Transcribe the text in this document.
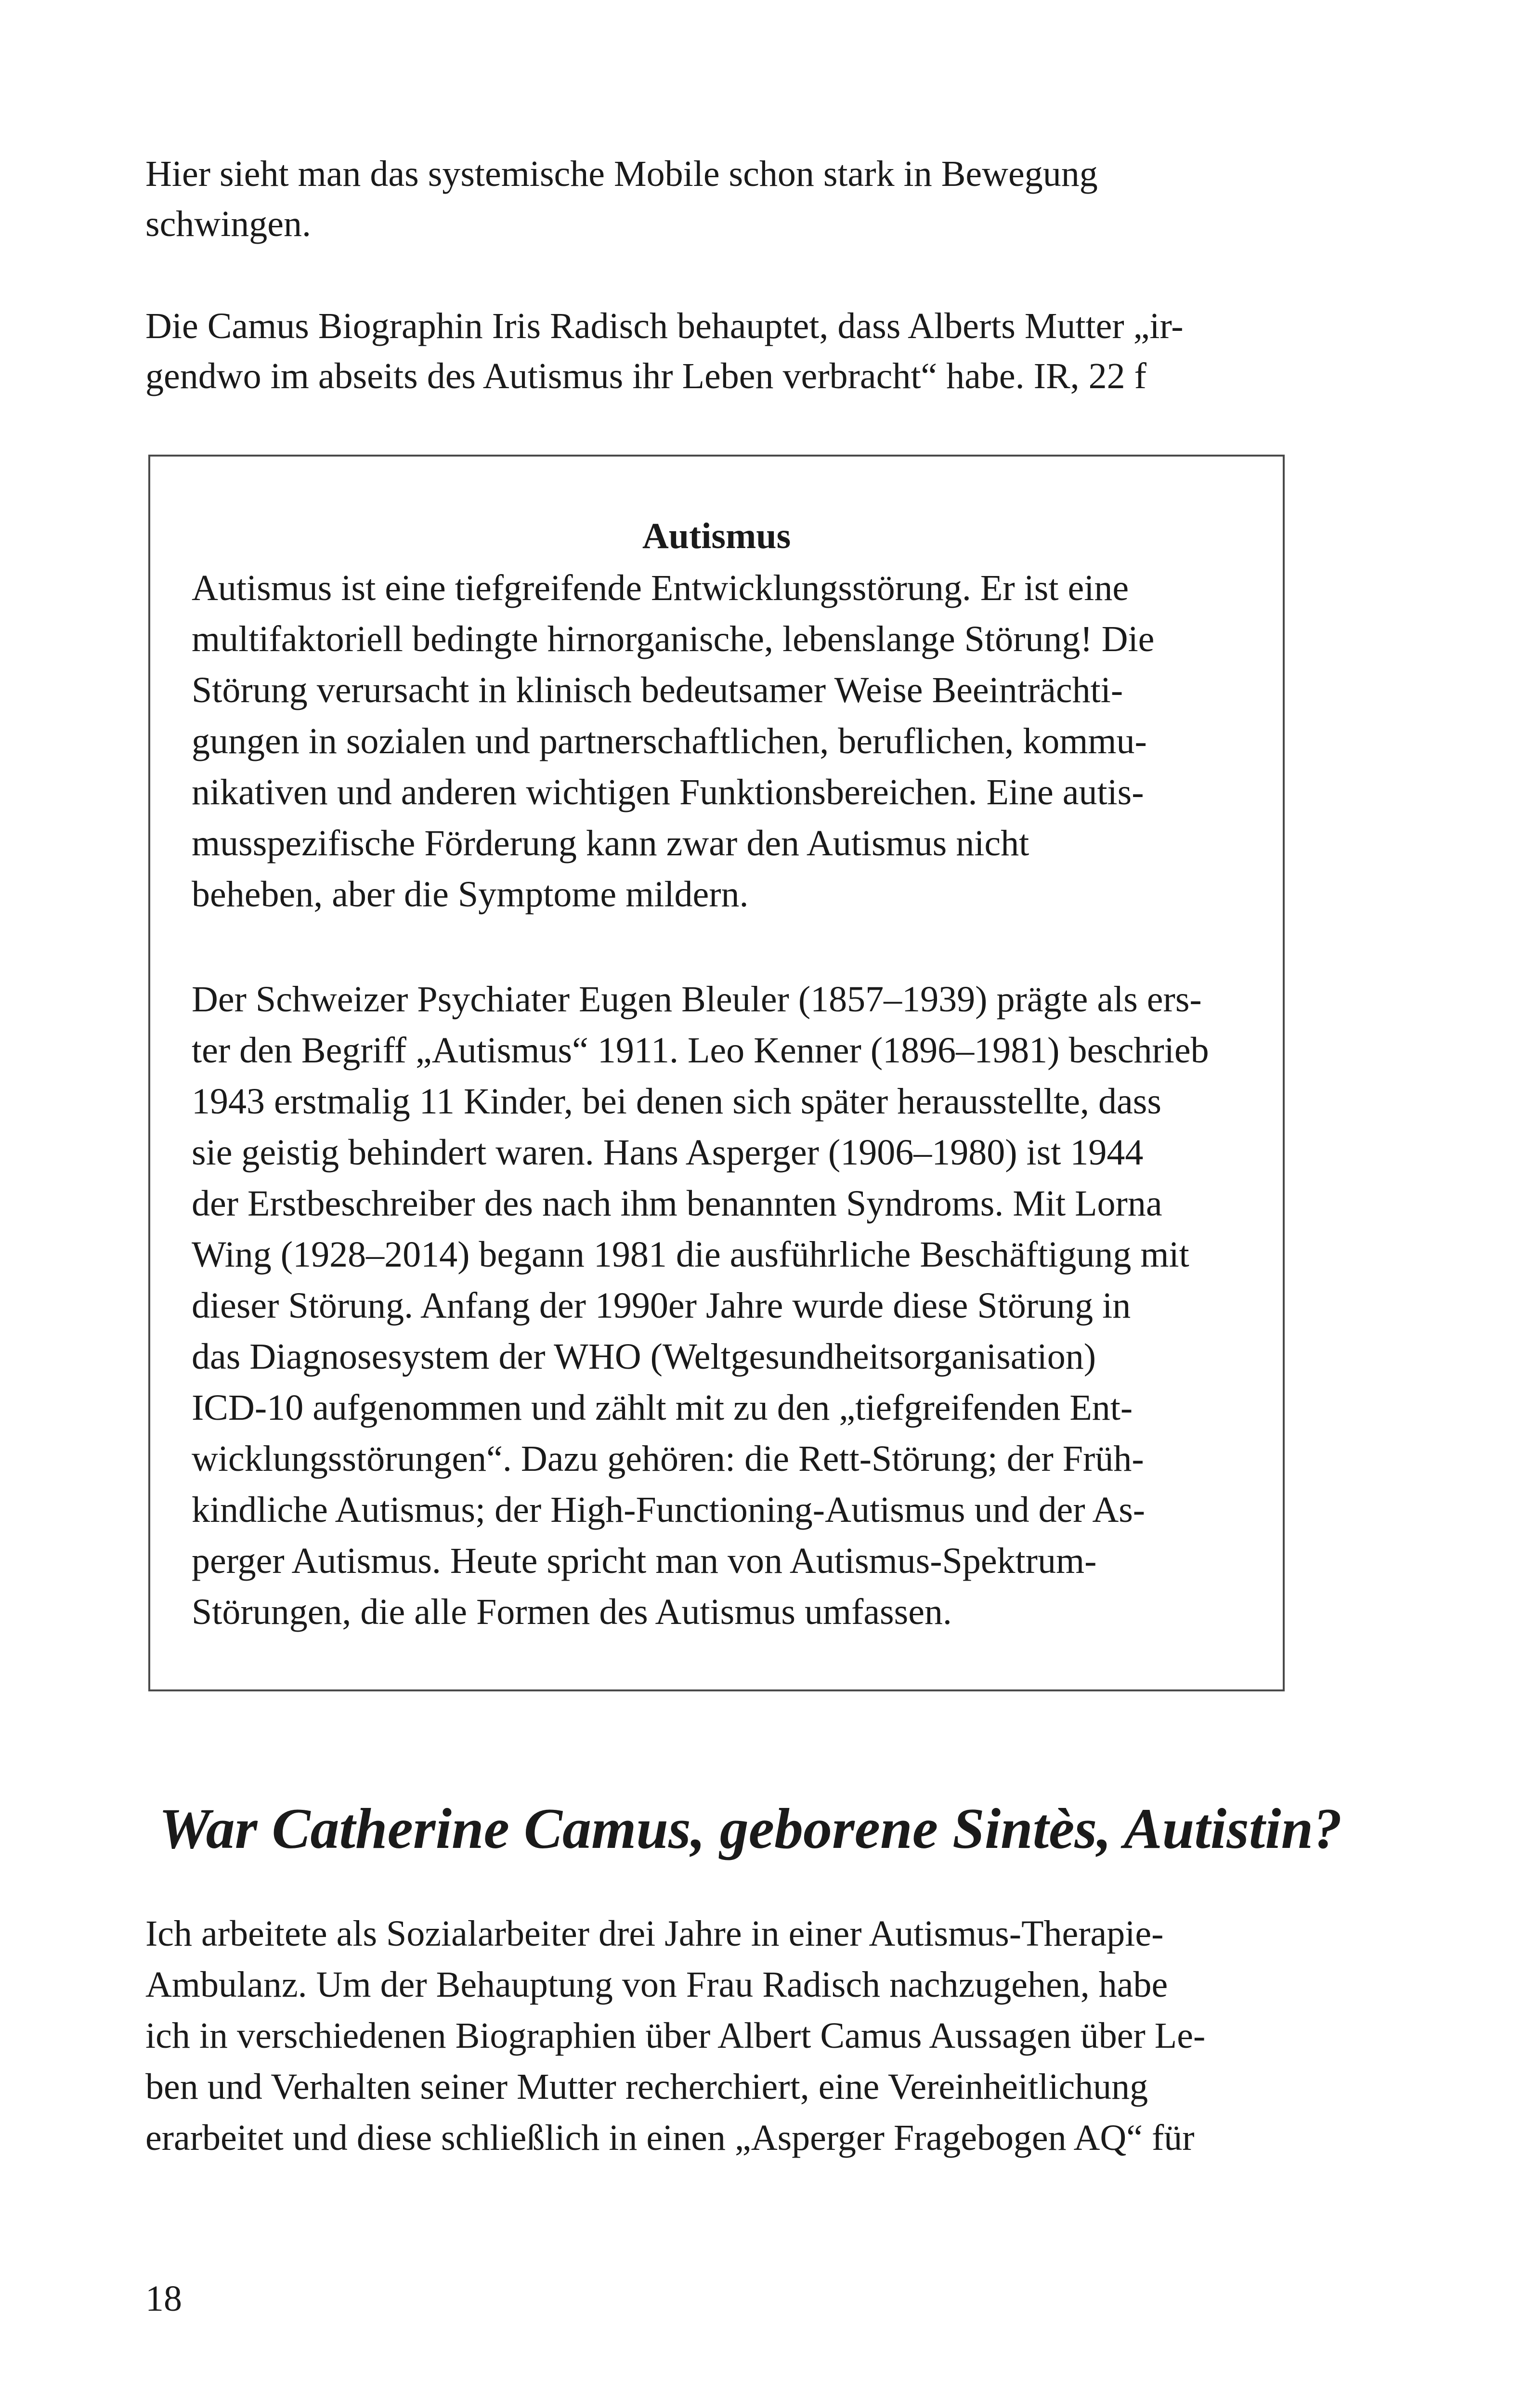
Hier sieht man das systemische Mobile schon stark in Bewegung
schwingen.
Die Camus Biographin Iris Radisch behauptet, dass Alberts Mutter „ir-
gendwo im abseits des Autismus ihr Leben verbracht“ habe. IR, 22 f
Autismus
Autismus ist eine tiefgreifende Entwicklungsstörung. Er ist eine
multifaktoriell bedingte hirnorganische, lebenslange Störung! Die
Störung verursacht in klinisch bedeutsamer Weise Beeinträchti-
gungen in sozialen und partnerschaftlichen, beruflichen, kommu-
nikativen und anderen wichtigen Funktionsbereichen. Eine autis-
musspezifische Förderung kann zwar den Autismus nicht
beheben, aber die Symptome mildern.
Der Schweizer Psychiater Eugen Bleuler (1857–1939) prägte als ers-
ter den Begriff „Autismus“ 1911. Leo Kenner (1896–1981) beschrieb
1943 erstmalig 11 Kinder, bei denen sich später herausstellte, dass
sie geistig behindert waren. Hans Asperger (1906–1980) ist 1944
der Erstbeschreiber des nach ihm benannten Syndroms. Mit Lorna
Wing (1928–2014) begann 1981 die ausführliche Beschäftigung mit
dieser Störung. Anfang der 1990er Jahre wurde diese Störung in
das Diagnosesystem der WHO (Weltgesundheitsorganisation)
ICD-10 aufgenommen und zählt mit zu den „tiefgreifenden Ent-
wicklungsstörungen“. Dazu gehören: die Rett-Störung; der Früh-
kindliche Autismus; der High-Functioning-Autismus und der As-
perger Autismus. Heute spricht man von Autismus-Spektrum-
Störungen, die alle Formen des Autismus umfassen.
War Catherine Camus, geborene Sintès, Autistin?
Ich arbeitete als Sozialarbeiter drei Jahre in einer Autismus-Therapie-
Ambulanz. Um der Behauptung von Frau Radisch nachzugehen, habe
ich in verschiedenen Biographien über Albert Camus Aussagen über Le-
ben und Verhalten seiner Mutter recherchiert, eine Vereinheitlichung
erarbeitet und diese schließlich in einen „Asperger Fragebogen AQ“ für
18
